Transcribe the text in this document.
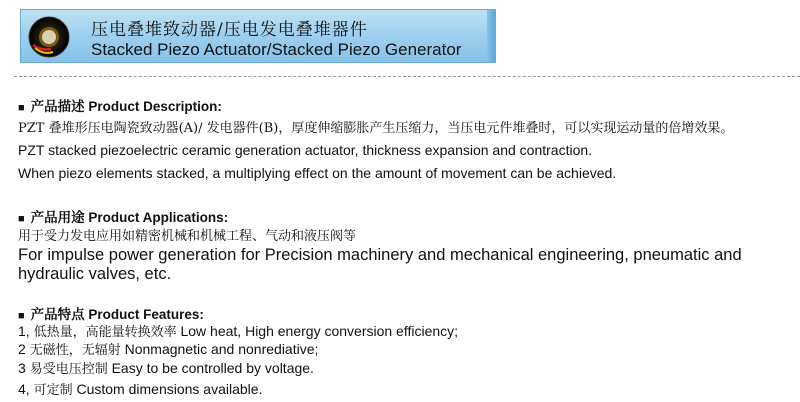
压电叠堆致动器/压电发电叠堆器件
Stacked Piezo Actuator/Stacked Piezo Generator
■ 产品描述 Product Description:
PZT 叠堆形压电陶瓷致动器(A)/ 发电器件(B)，厚度伸缩膨胀产生压缩力，当压电元件堆叠时，可以实现运动量的倍增效果。
PZT stacked piezoelectric ceramic generation actuator, thickness expansion and contraction.
When piezo elements stacked, a multiplying effect on the amount of movement can be achieved.
■ 产品用途 Product Applications:
用于受力发电应用如精密机械和机械工程、气动和液压阀等
For impulse power generation for Precision machinery and mechanical engineering, pneumatic and
hydraulic valves, etc.
■ 产品特点 Product Features:
1, 低热量，高能量转换效率 Low heat, High energy conversion efficiency;
2 无磁性，无辐射 Nonmagnetic and nonrediative;
3 易受电压控制 Easy to be controlled by voltage.
4, 可定制 Custom dimensions available.
